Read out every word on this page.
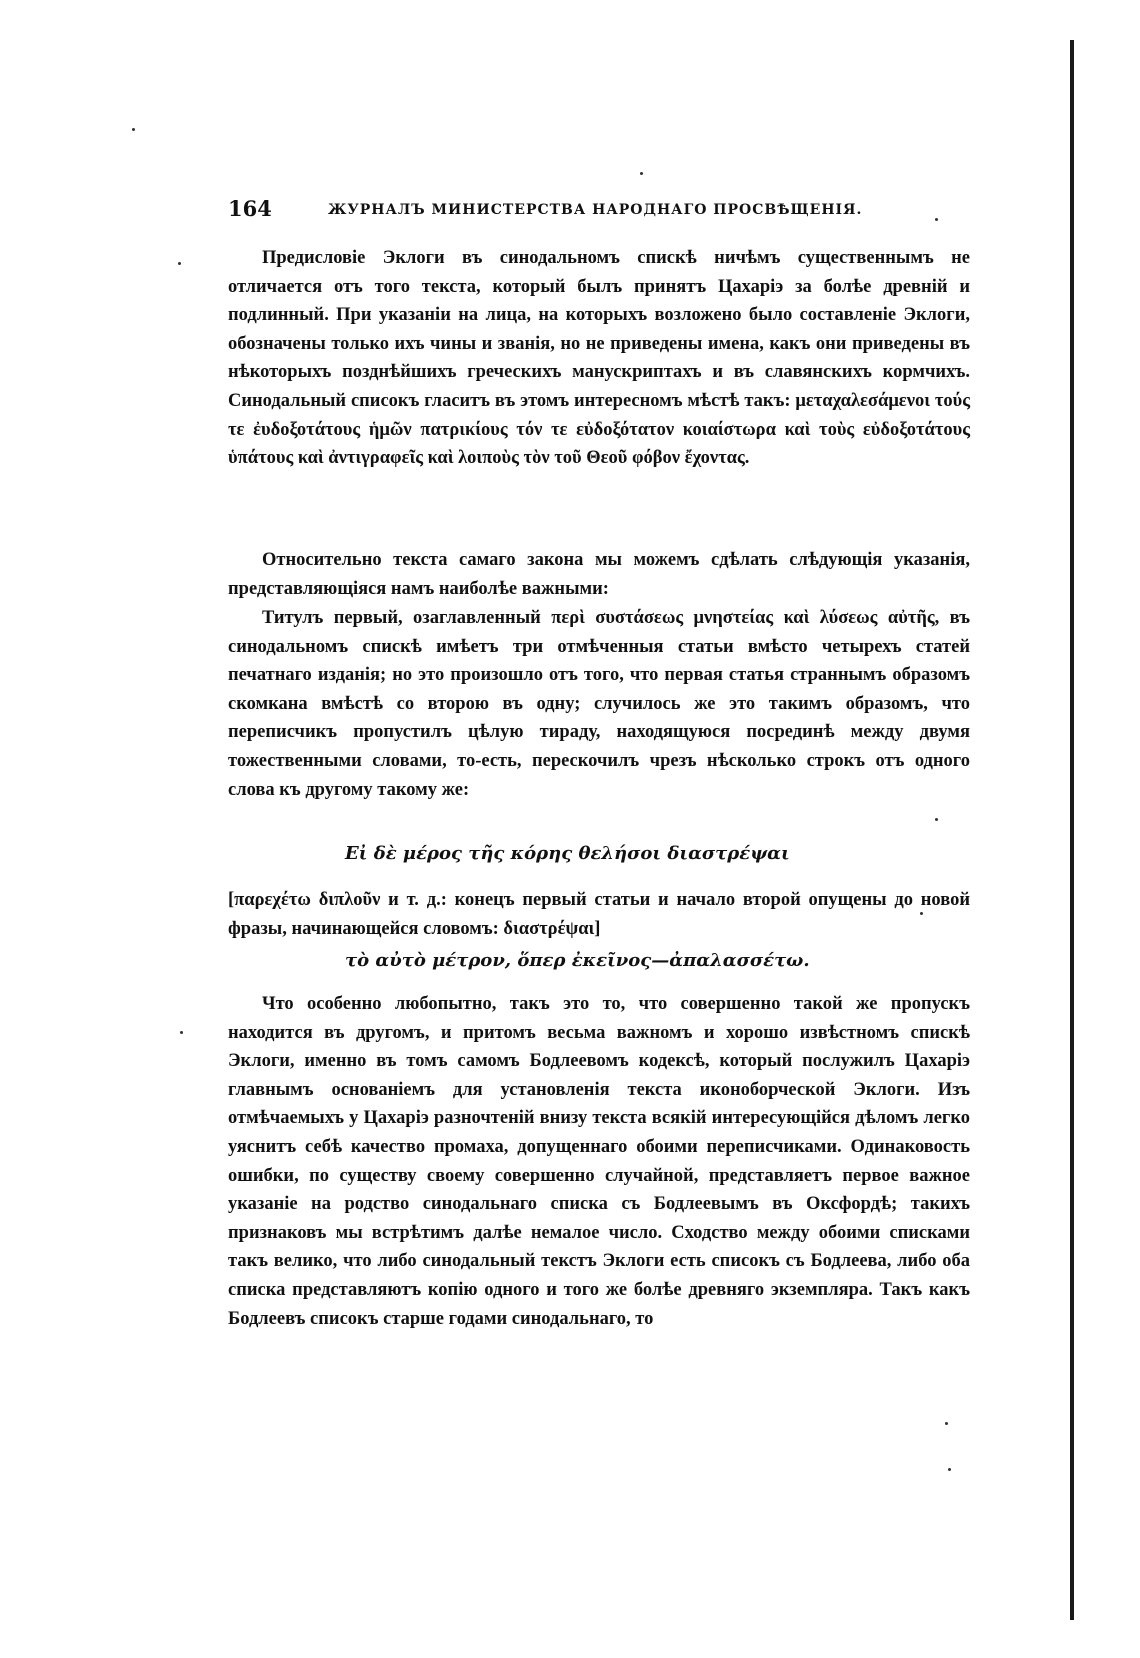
164	ЖУРНАЛЪ МИНИСТЕРСТВА НАРОДНАГО ПРОСВѢЩЕНІЯ.

Предисловіе Эклоги въ синодальномъ спискѣ ничѣмъ существеннымъ не отличается отъ того текста, который былъ принятъ Цахаріэ за болѣе древній и подлинный. При указаніи на лица, на которыхъ возложено было составленіе Эклоги, обозначены только ихъ чины и званія, но не приведены имена, какъ они приведены въ нѣкоторыхъ позднѣйшихъ греческихъ манускриптахъ и въ славянскихъ кормчихъ. Синодальный списокъ гласитъ въ этомъ интересномъ мѣстѣ такъ: μεταχαλεσάμενοι τούς τε ἐυδοξοτάτους ἡμῶν πατρικίους τόν τε εὐδοξότατον κοιαίστωρα καὶ τοὺς εὐδοξοτάτους ὑπάτους καὶ ἀντιγραφεῖς καὶ λοιποὺς τὸν τοῦ Θεοῦ φόβον ἔχοντας.

Относительно текста самаго закона мы можемъ сдѣлать слѣдующія указанія, представляющіяся намъ наиболѣе важными:

Титулъ первый, озаглавленный περὶ συστάσεως μνηστείας καὶ λύσεως αὐτῆς, въ синодальномъ спискѣ имѣетъ три отмѣченныя статьи вмѣсто четырехъ статей печатнаго изданія; но это произошло отъ того, что первая статья страннымъ образомъ скомкана вмѣстѣ со второю въ одну; случилось же это такимъ образомъ, что переписчикъ пропустилъ цѣлую тираду, находящуюся посрединѣ между двумя тожественными словами, то-есть, перескочилъ чрезъ нѣсколько строкъ отъ одного слова къ другому такому же:

Εἰ δὲ μέρος τῆς κόρης θελήσοι διαστρέψαι

[παρεχέτω διπλοῦν и т. д.: конецъ первый статьи и начало второй опущены до новой фразы, начинающейся словомъ: διαστρέψαι]

τὸ αὐτὸ μέτρον, ὅπερ ἐκεῖνος—ἀπαλασσέτω.

Что особенно любопытно, такъ это то, что совершенно такой же пропускъ находится въ другомъ, и притомъ весьма важномъ и хорошо извѣстномъ спискѣ Эклоги, именно въ томъ самомъ Бодлеевомъ кодексѣ, который послужилъ Цахаріэ главнымъ основаніемъ для установленія текста иконоборческой Эклоги. Изъ отмѣчаемыхъ у Цахаріэ разночтеній внизу текста всякій интересующійся дѣломъ легко уяснитъ себѣ качество промаха, допущеннаго обоими переписчиками. Одинаковость ошибки, по существу своему совершенно случайной, представляетъ первое важное указаніе на родство синодальнаго списка съ Бодлеевымъ въ Оксфордѣ; такихъ признаковъ мы встрѣтимъ далѣе немалое число. Сходство между обоими списками такъ велико, что либо синодальный текстъ Эклоги есть списокъ съ Бодлеева, либо оба списка представляютъ копію одного и того же болѣе древняго экземпляра. Такъ какъ Бодлеевъ списокъ старше годами синодальнаго, то
